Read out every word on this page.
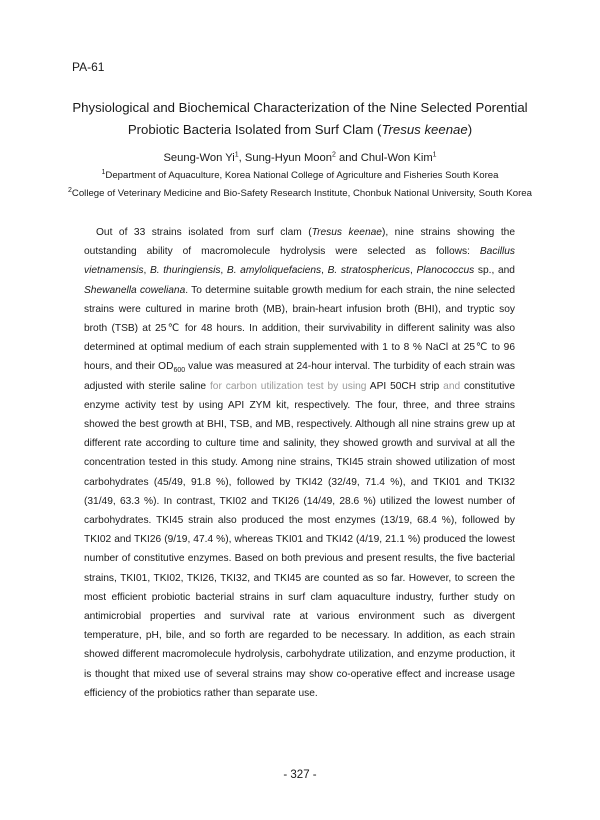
PA-61
Physiological and Biochemical Characterization of the Nine Selected Porential
Probiotic Bacteria Isolated from Surf Clam (Tresus keenae)
Seung-Won Yi$^1$, Sung-Hyun Moon$^2$ and Chul-Won Kim$^1$
$^1$Department of Aquaculture, Korea National College of Agriculture and Fisheries South Korea
$^2$College of Veterinary Medicine and Bio-Safety Research Institute, Chonbuk National University, South Korea

Out of 33 strains isolated from surf clam (Tresus keenae), nine strains showing the outstanding ability of macromolecule hydrolysis were selected as follows: Bacillus vietnamensis, B. thuringiensis, B. amyloliquefaciens, B. stratosphericus, Planococcus sp., and Shewanella coweliana. To determine suitable growth medium for each strain, the nine selected strains were cultured in marine broth (MB), brain-heart infusion broth (BHI), and tryptic soy broth (TSB) at 25℃ for 48 hours. In addition, their survivability in different salinity was also determined at optimal medium of each strain supplemented with 1 to 8 % NaCl at 25℃ to 96 hours, and their $OD_{600}$ value was measured at 24-hour interval. The turbidity of each strain was adjusted with sterile saline for carbon utilization test by using API 50CH strip and constitutive enzyme activity test by using API ZYM kit, respectively. The four, three, and three strains showed the best growth at BHI, TSB, and MB, respectively. Although all nine strains grew up at different rate according to culture time and salinity, they showed growth and survival at all the concentration tested in this study. Among nine strains, TKI45 strain showed utilization of most carbohydrates (45/49, 91.8 %), followed by TKI42 (32/49, 71.4 %), and TKI01 and TKI32 (31/49, 63.3 %). In contrast, TKI02 and TKI26 (14/49, 28.6 %) utilized the lowest number of carbohydrates. TKI45 strain also produced the most enzymes (13/19, 68.4 %), followed by TKI02 and TKI26 (9/19, 47.4 %), whereas TKI01 and TKI42 (4/19, 21.1 %) produced the lowest number of constitutive enzymes. Based on both previous and present results, the five bacterial strains, TKI01, TKI02, TKI26, TKI32, and TKI45 are counted as so far. However, to screen the most efficient probiotic bacterial strains in surf clam aquaculture industry, further study on antimicrobial properties and survival rate at various environment such as divergent temperature, pH, bile, and so forth are regarded to be necessary. In addition, as each strain showed different macromolecule hydrolysis, carbohydrate utilization, and enzyme production, it is thought that mixed use of several strains may show co-operative effect and increase usage efficiency of the probiotics rather than separate use.

- 327 -
